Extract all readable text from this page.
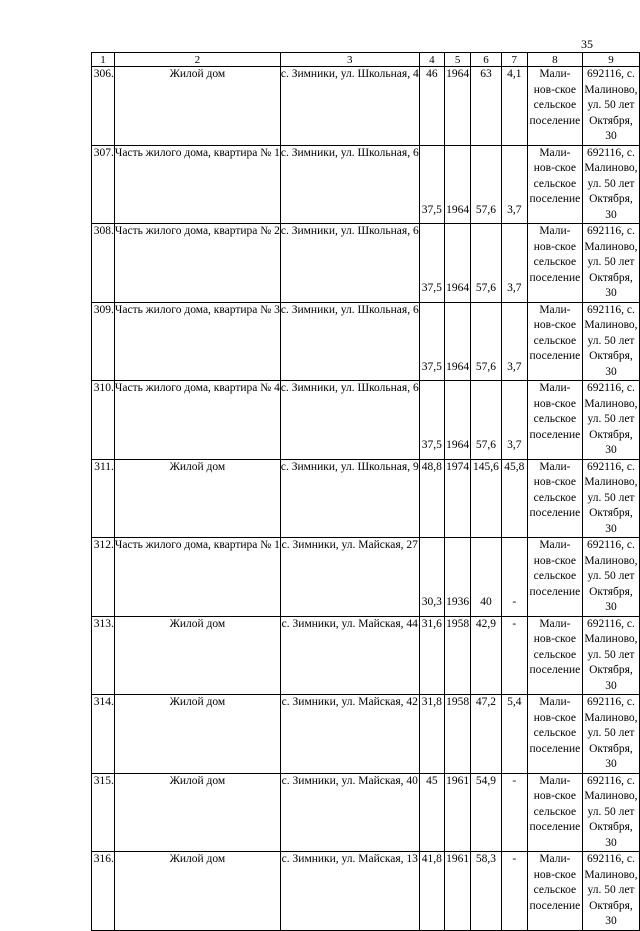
35
1	2	3	4	5	6	7	8	9
306.	Жилой дом	с. Зимники, ул. Школьная, 4	46	1964	63	4,1	Мали- нов-ское сельское поселение	692116, с. Малиново, ул. 50 лет Октября, 30
307.	Часть жилого дома, квартира № 1	с. Зимники, ул. Школьная, 6	37,5	1964	57,6	3,7	Мали- нов-ское сельское поселение	692116, с. Малиново, ул. 50 лет Октября, 30
308.	Часть жилого дома, квартира № 2	с. Зимники, ул. Школьная, 6	37,5	1964	57,6	3,7	Мали- нов-ское сельское поселение	692116, с. Малиново, ул. 50 лет Октября, 30
309.	Часть жилого дома, квартира № 3	с. Зимники, ул. Школьная, 6	37,5	1964	57,6	3,7	Мали- нов-ское сельское поселение	692116, с. Малиново, ул. 50 лет Октября, 30
310.	Часть жилого дома, квартира № 4	с. Зимники, ул. Школьная, 6	37,5	1964	57,6	3,7	Мали- нов-ское сельское поселение	692116, с. Малиново, ул. 50 лет Октября, 30
311.	Жилой дом	с. Зимники, ул. Школьная, 9	48,8	1974	145,6	45,8	Мали- нов-ское сельское поселение	692116, с. Малиново, ул. 50 лет Октября, 30
312.	Часть жилого дома, квартира № 1	с. Зимники, ул. Майская, 27	30,3	1936	40	-	Мали- нов-ское сельское поселение	692116, с. Малиново, ул. 50 лет Октября, 30
313.	Жилой дом	с. Зимники, ул. Майская, 44	31,6	1958	42,9	-	Мали- нов-ское сельское поселение	692116, с. Малиново, ул. 50 лет Октября, 30
314.	Жилой дом	с. Зимники, ул. Майская, 42	31,8	1958	47,2	5,4	Мали- нов-ское сельское поселение	692116, с. Малиново, ул. 50 лет Октября, 30
315.	Жилой дом	с. Зимники, ул. Майская, 40	45	1961	54,9	-	Мали- нов-ское сельское поселение	692116, с. Малиново, ул. 50 лет Октября, 30
316.	Жилой дом	с. Зимники, ул. Майская, 13	41,8	1961	58,3	-	Мали- нов-ское сельское поселение	692116, с. Малиново, ул. 50 лет Октября, 30
